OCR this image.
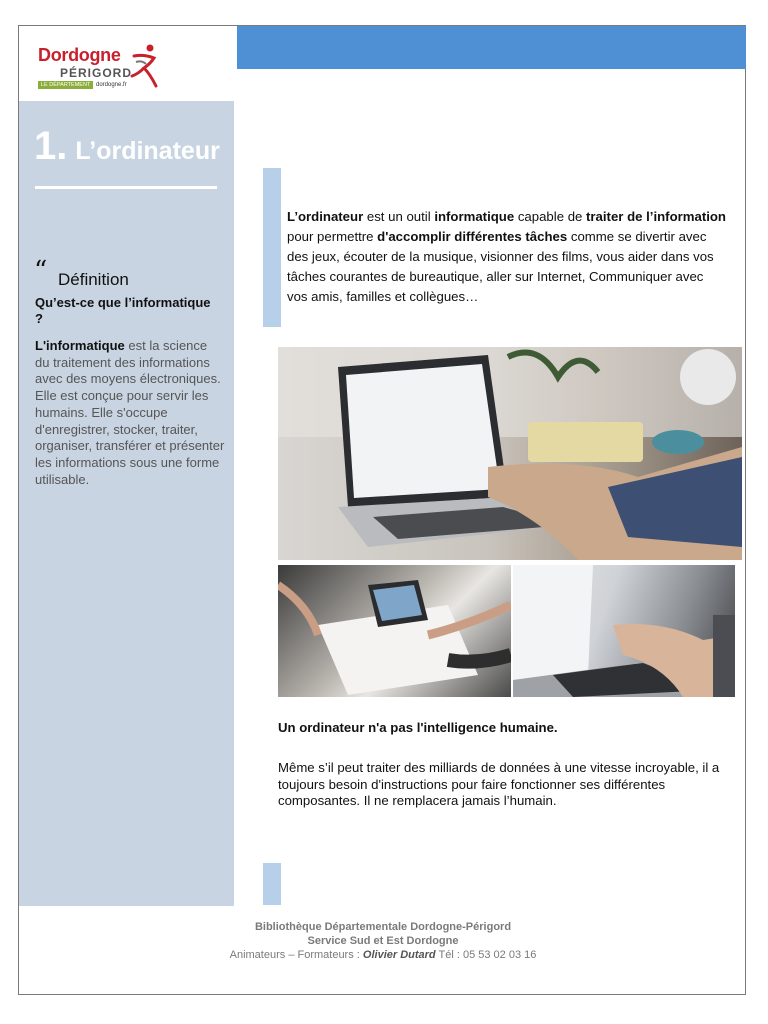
Dordogne
PÉRIGORD
LE DÉPARTEMENT dordogne.fr
1. L’ordinateur
“ Définition
Qu’est-ce que l’informatique ?
L'informatique est la science du traitement des informations avec des moyens électroniques. Elle est conçue pour servir les humains. Elle s'occupe d'enregistrer, stocker, traiter, organiser, transférer et présenter les informations sous une forme utilisable.
L’ordinateur est un outil informatique capable de traiter de l’information pour permettre d'accomplir différentes tâches comme se divertir avec des jeux, écouter de la musique, visionner des films, vous aider dans vos tâches courantes de bureautique, aller sur Internet, Communiquer avec vos amis, familles et collègues…
Un ordinateur n'a pas l'intelligence humaine.
Même s’il peut traiter des milliards de données à une vitesse incroyable, il a toujours besoin d'instructions pour faire fonctionner ses différentes composantes. Il ne remplacera jamais l’humain.
Bibliothèque Départementale Dordogne-Périgord
Service Sud et Est Dordogne
Animateurs – Formateurs : Olivier Dutard Tél : 05 53 02 03 16
